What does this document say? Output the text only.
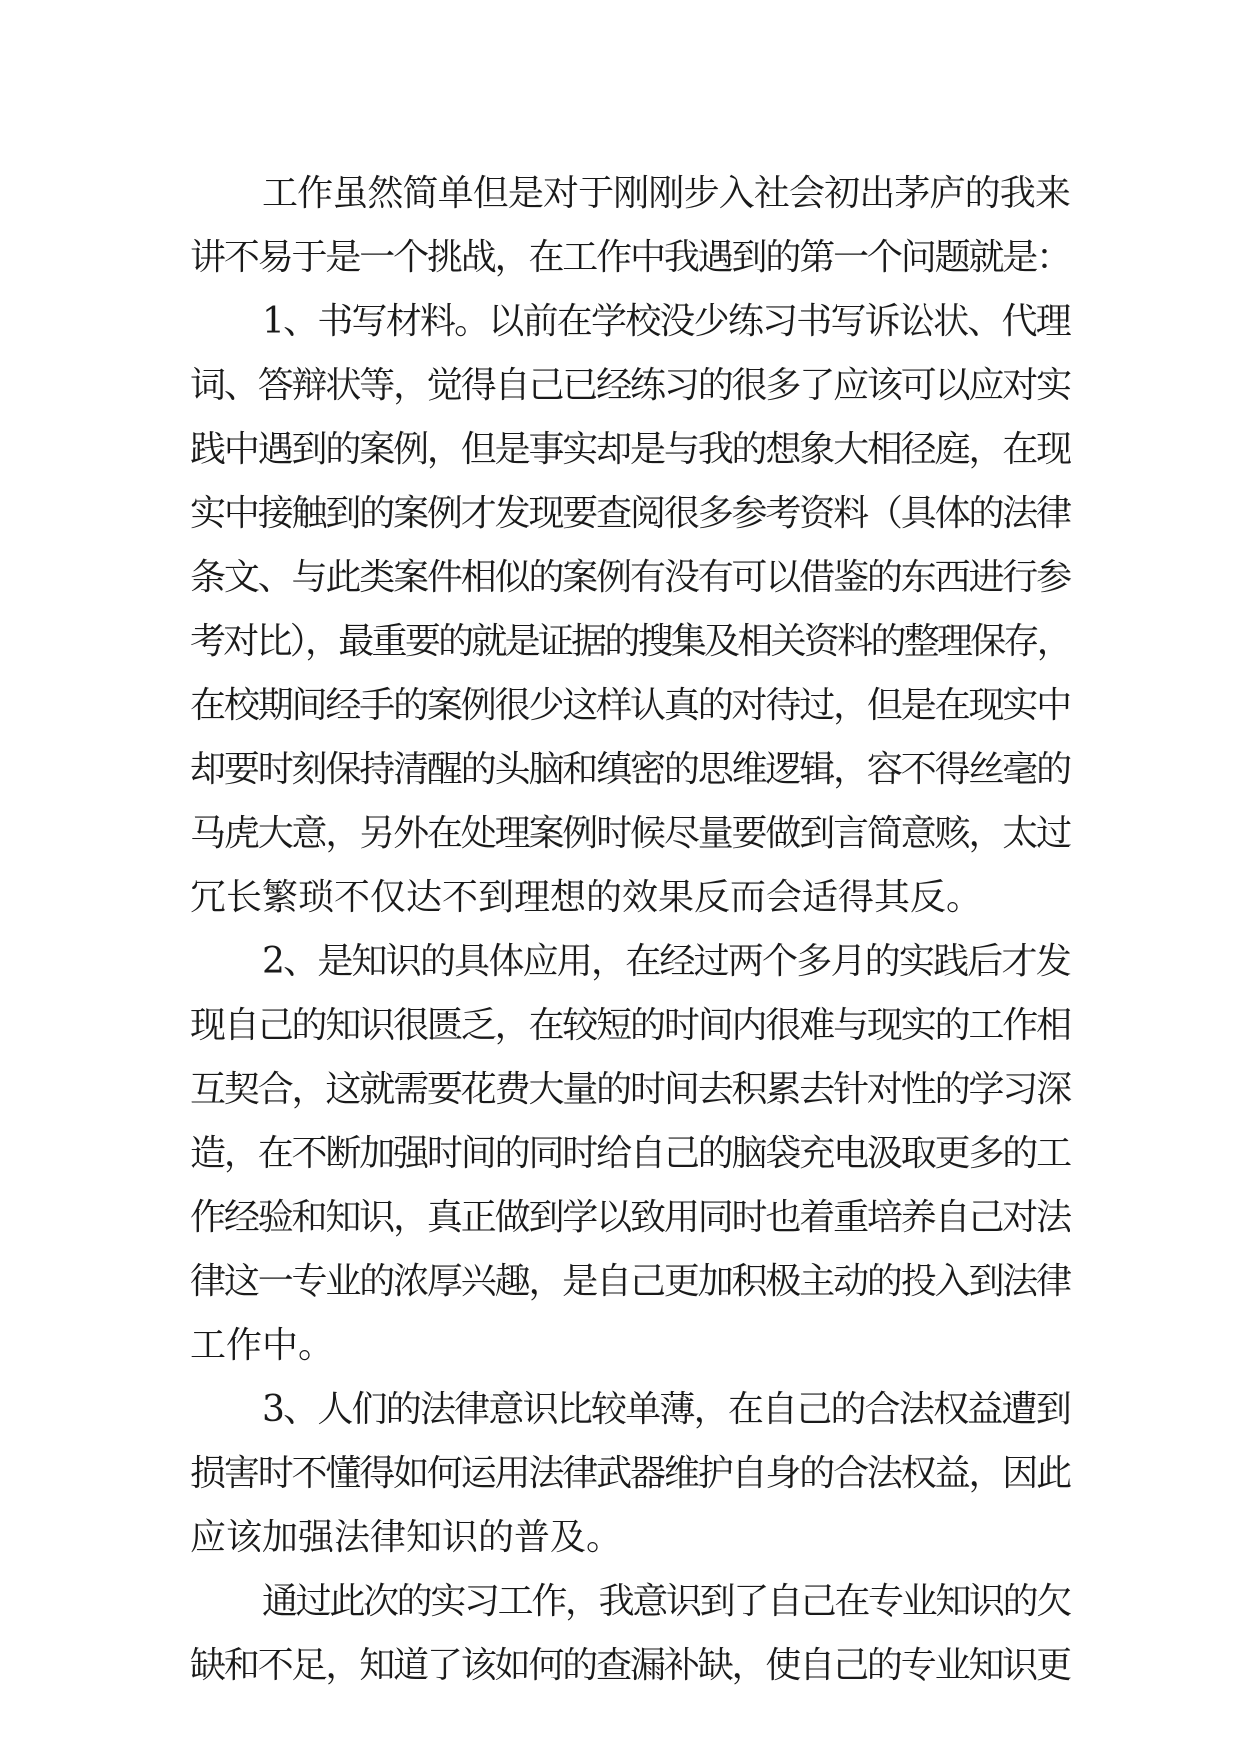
工作虽然简单但是对于刚刚步入社会初出茅庐的我来
讲不易于是一个挑战，在工作中我遇到的第一个问题就是：
1、书写材料。以前在学校没少练习书写诉讼状、代理
词、答辩状等，觉得自己已经练习的很多了应该可以应对实
践中遇到的案例，但是事实却是与我的想象大相径庭，在现
实中接触到的案例才发现要查阅很多参考资料（具体的法律
条文、与此类案件相似的案例有没有可以借鉴的东西进行参
考对比），最重要的就是证据的搜集及相关资料的整理保存，
在校期间经手的案例很少这样认真的对待过，但是在现实中
却要时刻保持清醒的头脑和缜密的思维逻辑，容不得丝毫的
马虎大意，另外在处理案例时候尽量要做到言简意赅，太过
冗长繁琐不仅达不到理想的效果反而会适得其反。
2、是知识的具体应用，在经过两个多月的实践后才发
现自己的知识很匮乏，在较短的时间内很难与现实的工作相
互契合，这就需要花费大量的时间去积累去针对性的学习深
造，在不断加强时间的同时给自己的脑袋充电汲取更多的工
作经验和知识，真正做到学以致用同时也着重培养自己对法
律这一专业的浓厚兴趣，是自己更加积极主动的投入到法律
工作中。
3、人们的法律意识比较单薄，在自己的合法权益遭到
损害时不懂得如何运用法律武器维护自身的合法权益，因此
应该加强法律知识的普及。
通过此次的实习工作，我意识到了自己在专业知识的欠
缺和不足，知道了该如何的查漏补缺，使自己的专业知识更
